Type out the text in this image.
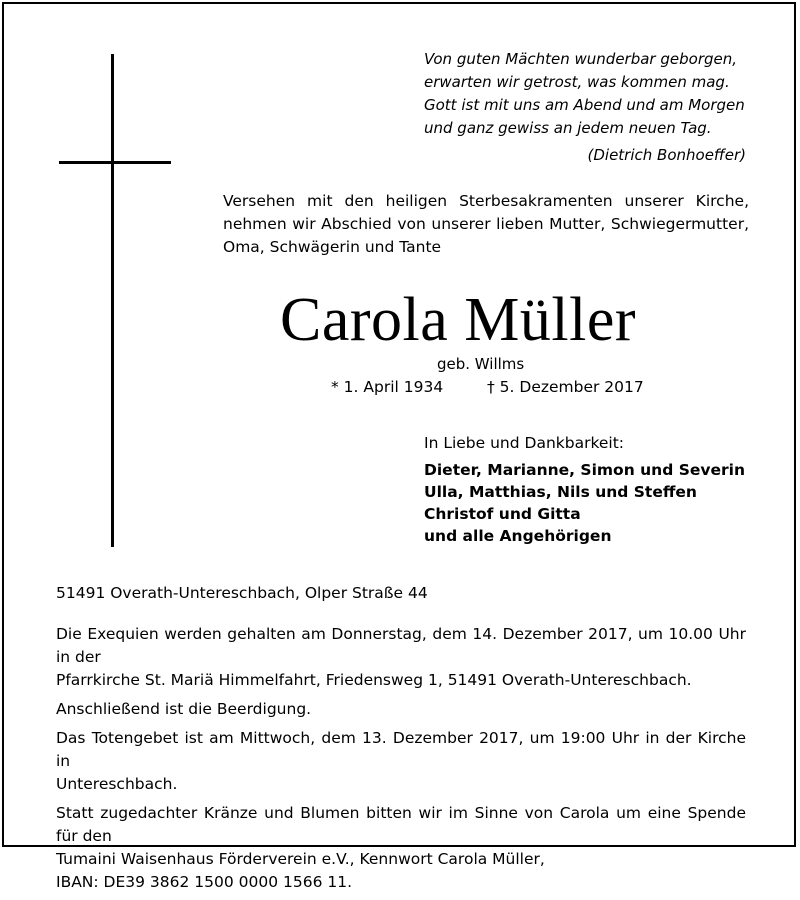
Von guten Mächten wunderbar geborgen,
erwarten wir getrost, was kommen mag.
Gott ist mit uns am Abend und am Morgen
und ganz gewiss an jedem neuen Tag.
(Dietrich Bonhoeffer)
Versehen mit den heiligen Sterbesakramenten unserer Kirche, nehmen wir Abschied von unserer lieben Mutter, Schwiegermutter, Oma, Schwägerin und Tante
Carola Müller
geb. Willms
* 1. April 1934	† 5. Dezember 2017
In Liebe und Dankbarkeit:
Dieter, Marianne, Simon und Severin
Ulla, Matthias, Nils und Steffen
Christof und Gitta
und alle Angehörigen
51491 Overath-Untereschbach, Olper Straße 44
Die Exequien werden gehalten am Donnerstag, dem 14. Dezember 2017, um 10.00 Uhr in der
Pfarrkirche St. Mariä Himmelfahrt, Friedensweg 1, 51491 Overath-Untereschbach.
Anschließend ist die Beerdigung.
Das Totengebet ist am Mittwoch, dem 13. Dezember 2017, um 19:00 Uhr in der Kirche in
Untereschbach.
Statt zugedachter Kränze und Blumen bitten wir im Sinne von Carola um eine Spende für den
Tumaini Waisenhaus Förderverein e.V., Kennwort Carola Müller,
IBAN: DE39 3862 1500 0000 1566 11.
